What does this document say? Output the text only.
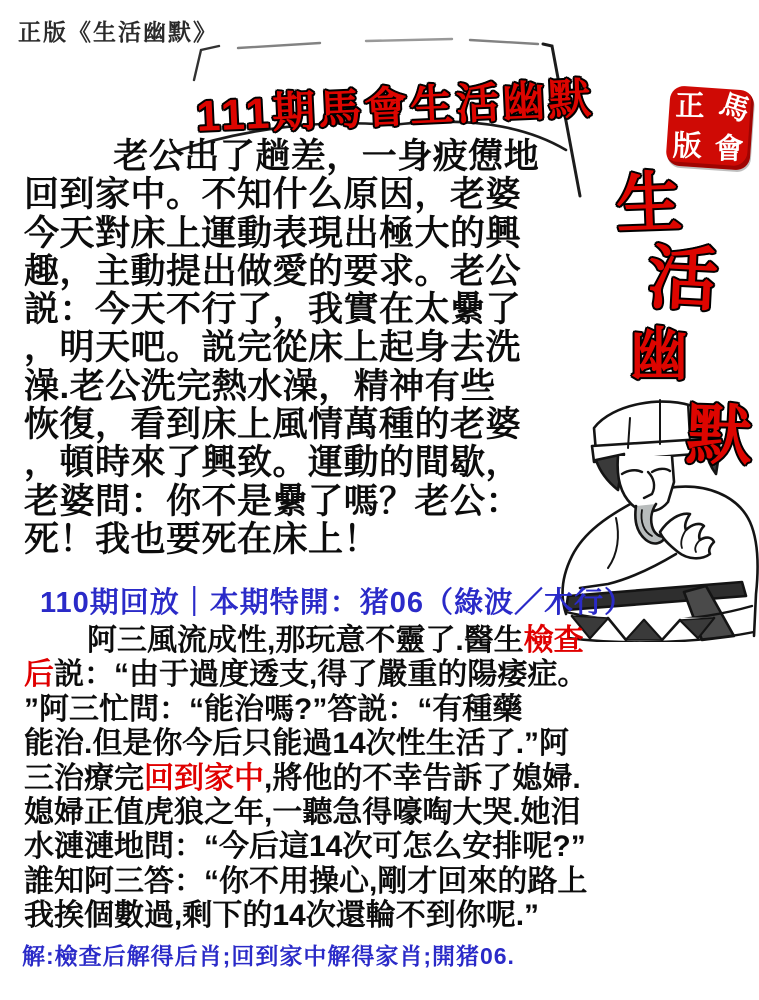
正版《生活幽默》
111期馬會生活幽默	正 馬
版 會
生
活
幽
默
老公出了趟差，一身疲憊地
回到家中。不知什么原因，老婆
今天對床上運動表現出極大的興
趣，主動提出做愛的要求。老公
説：今天不行了，我實在太纍了
，明天吧。説完從床上起身去洗
澡.老公洗完熱水澡，精神有些
恢復，看到床上風情萬種的老婆
，頓時來了興致。運動的間歇，
老婆問：你不是纍了嗎？老公：
死！我也要死在床上！
110期回放｜本期特開：猪06（綠波／木行）
阿三風流成性,那玩意不靈了.醫生檢查
后説：“由于過度透支,得了嚴重的陽痿症。
”阿三忙問：“能治嗎?”答説：“有種藥
能治.但是你今后只能過14次性生活了.”阿
三治療完回到家中,將他的不幸告訴了媳婦.
媳婦正值虎狼之年,一聽急得嚎啕大哭.她泪
水漣漣地問：“今后這14次可怎么安排呢?”
誰知阿三答：“你不用操心,剛才回來的路上
我挨個數過,剩下的14次還輪不到你呢.”
解:檢查后解得后肖;回到家中解得家肖;開猪06.
